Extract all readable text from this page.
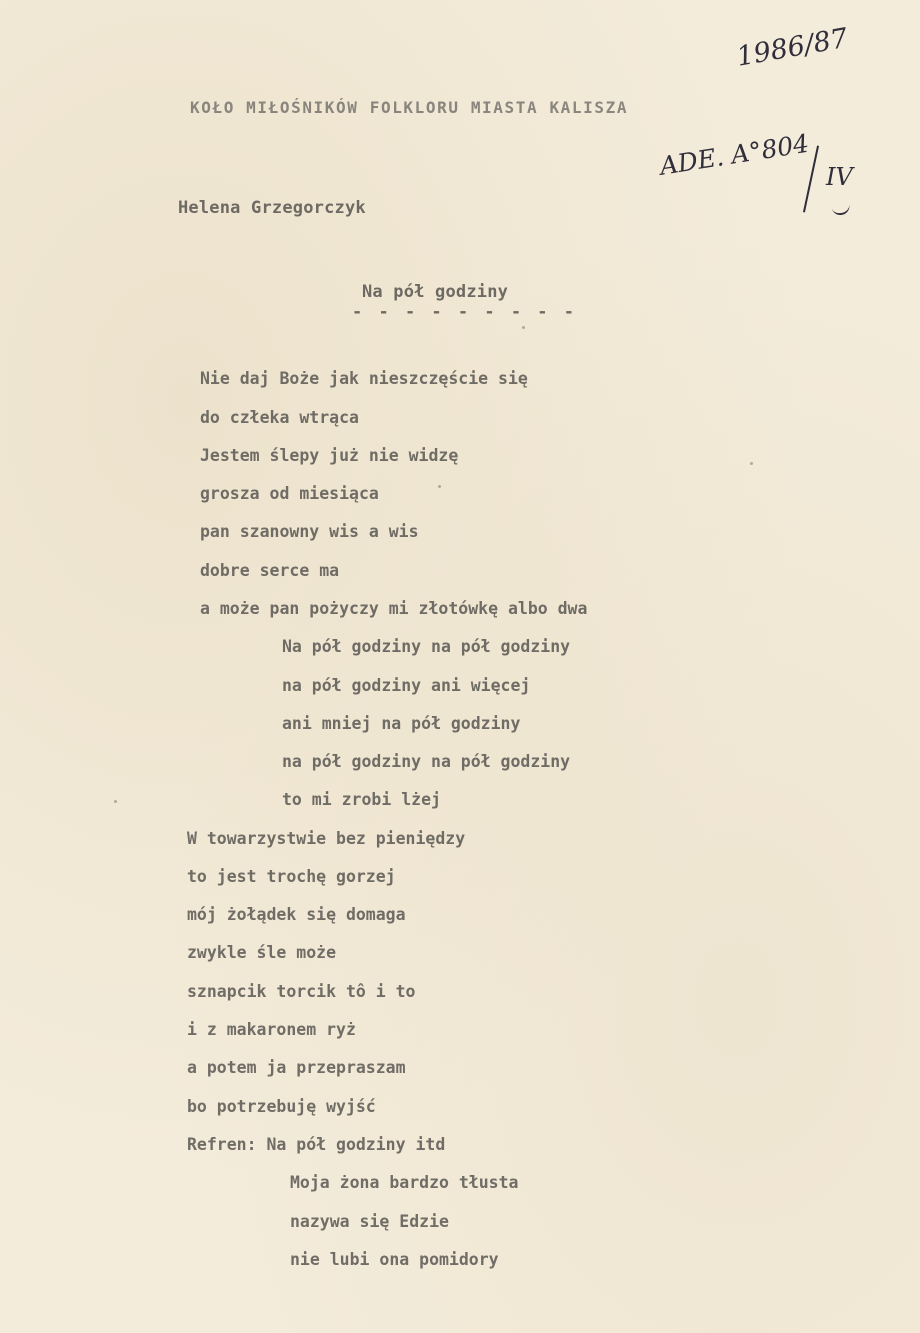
KOŁO MIŁOŚNIKÓW FOLKLORU MIASTA KALISZA
1986/87
ADE. A°804 IV
Helena Grzegorczyk
Na pół godziny
- - - - - - - - -
Nie daj Boże jak nieszczęście się
do człeka wtrąca
Jestem ślepy już nie widzę
grosza od miesiąca
pan szanowny wis a wis
dobre serce ma
a może pan pożyczy mi złotówkę albo dwa
Na pół godziny na pół godziny
na pół godziny ani więcej
ani mniej na pół godziny
na pół godziny na pół godziny
to mi zrobi lżej
W towarzystwie bez pieniędzy
to jest trochę gorzej
mój żołądek się domaga
zwykle śle może
sznapcik torcik tô i to
i z makaronem ryż
a potem ja przepraszam
bo potrzebuję wyjść
Refren: Na pół godziny itd
Moja żona bardzo tłusta
nazywa się Edzie
nie lubi ona pomidory
